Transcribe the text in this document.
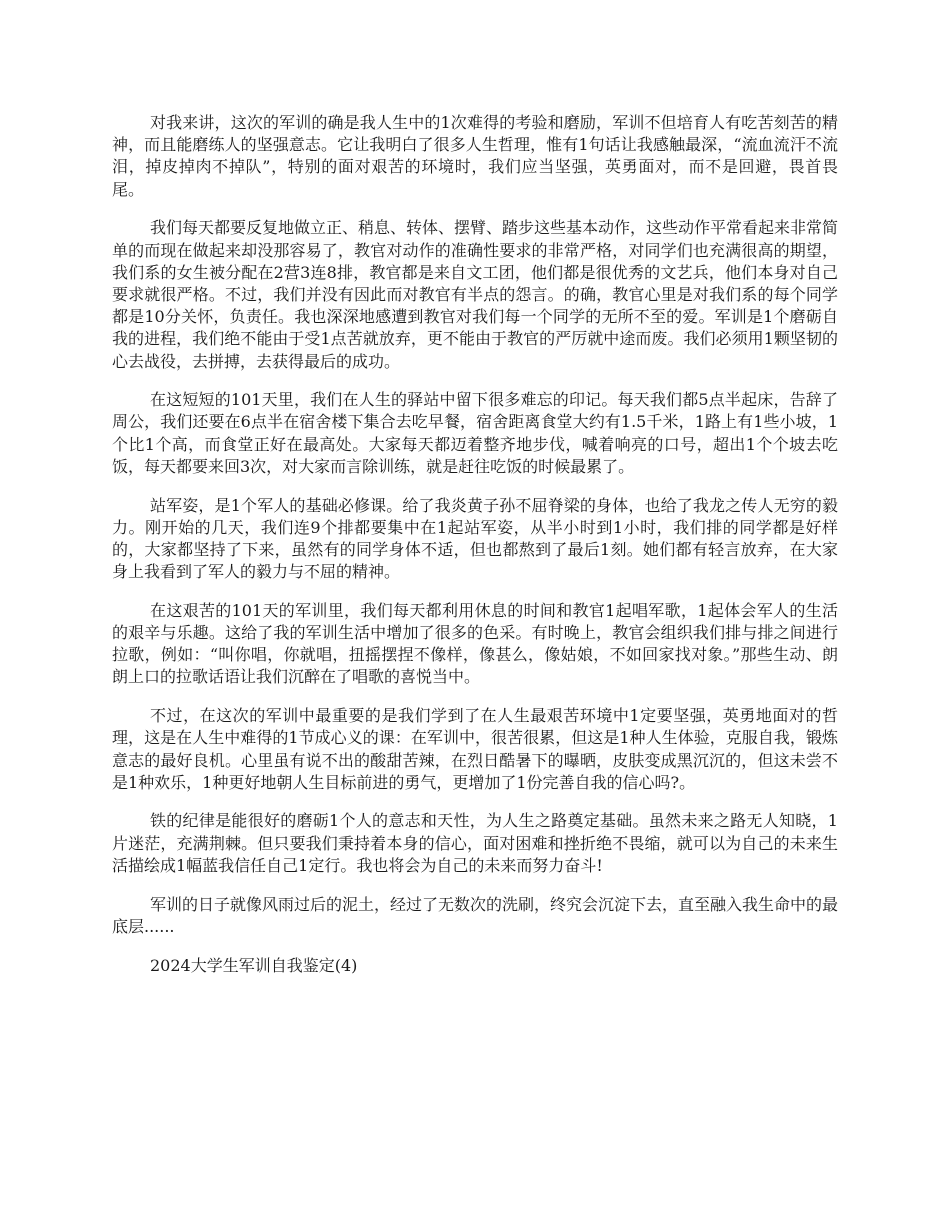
对我来讲，这次的军训的确是我人生中的1次难得的考验和磨励，军训不但培育人有吃苦刻苦的精神，而且能磨练人的坚强意志。它让我明白了很多人生哲理，惟有1句话让我感触最深，“流血流汗不流泪，掉皮掉肉不掉队”，特别的面对艰苦的环境时，我们应当坚强，英勇面对，而不是回避，畏首畏尾。

我们每天都要反复地做立正、稍息、转体、摆臂、踏步这些基本动作，这些动作平常看起来非常简单的而现在做起来却没那容易了，教官对动作的准确性要求的非常严格，对同学们也充满很高的期望，我们系的女生被分配在2营3连8排，教官都是来自文工团，他们都是很优秀的文艺兵，他们本身对自己要求就很严格。不过，我们并没有因此而对教官有半点的怨言。的确，教官心里是对我们系的每个同学都是10分关怀，负责任。我也深深地感遭到教官对我们每一个同学的无所不至的爱。军训是1个磨砺自我的进程，我们绝不能由于受1点苦就放弃，更不能由于教官的严厉就中途而废。我们必须用1颗坚韧的心去战役，去拼搏，去获得最后的成功。

在这短短的101天里，我们在人生的驿站中留下很多难忘的印记。每天我们都5点半起床，告辞了周公，我们还要在6点半在宿舍楼下集合去吃早餐，宿舍距离食堂大约有1.5千米，1路上有1些小坡，1个比1个高，而食堂正好在最高处。大家每天都迈着整齐地步伐，喊着响亮的口号，超出1个个坡去吃饭，每天都要来回3次，对大家而言除训练，就是赶往吃饭的时候最累了。

站军姿，是1个军人的基础必修课。给了我炎黄子孙不屈脊梁的身体，也给了我龙之传人无穷的毅力。刚开始的几天，我们连9个排都要集中在1起站军姿，从半小时到1小时，我们排的同学都是好样的，大家都坚持了下来，虽然有的同学身体不适，但也都熬到了最后1刻。她们都有轻言放弃，在大家身上我看到了军人的毅力与不屈的精神。

在这艰苦的101天的军训里，我们每天都利用休息的时间和教官1起唱军歌，1起体会军人的生活的艰辛与乐趣。这给了我的军训生活中增加了很多的色采。有时晚上，教官会组织我们排与排之间进行拉歌，例如：“叫你唱，你就唱，扭摇摆捏不像样，像甚么，像姑娘，不如回家找对象。”那些生动、朗朗上口的拉歌话语让我们沉醉在了唱歌的喜悦当中。

不过，在这次的军训中最重要的是我们学到了在人生最艰苦环境中1定要坚强，英勇地面对的哲理，这是在人生中难得的1节成心义的课：在军训中，很苦很累，但这是1种人生体验，克服自我，锻炼意志的最好良机。心里虽有说不出的酸甜苦辣，在烈日酷暑下的曝晒，皮肤变成黑沉沉的，但这未尝不是1种欢乐，1种更好地朝人生目标前进的勇气，更增加了1份完善自我的信心吗?。

铁的纪律是能很好的磨砺1个人的意志和天性，为人生之路奠定基础。虽然未来之路无人知晓，1片迷茫，充满荆棘。但只要我们秉持着本身的信心，面对困难和挫折绝不畏缩，就可以为自己的未来生活描绘成1幅蓝我信任自己1定行。我也将会为自己的未来而努力奋斗!

军训的日子就像风雨过后的泥土，经过了无数次的洗刷，终究会沉淀下去，直至融入我生命中的最底层......

2024大学生军训自我鉴定(4)
